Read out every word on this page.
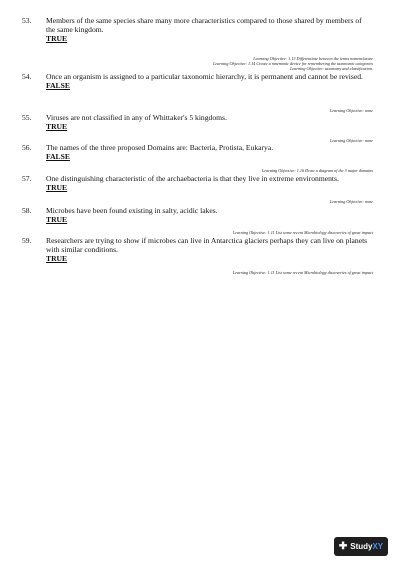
53.	Members of the same species share many more characteristics compared to those shared by members of the same kingdom.

TRUE

Learning Objective: 1.13 Differentiate between the terms nomenclature
Learning Objective: 1.14 Create a mnemonic device for remembering the taxonomic categories
Learning Objective: taxonomy and classification.
54.	Once an organism is assigned to a particular taxonomic hierarchy, it is permanent and cannot be revised.

FALSE

Learning Objective: none
55.	Viruses are not classified in any of Whittaker's 5 kingdoms.

TRUE

Learning Objective: none
56.	The names of the three proposed Domains are: Bacteria, Protista, Eukarya.

FALSE

Learning Objective: 1.16 Draw a diagram of the 3 major domains
57.	One distinguishing characteristic of the archaebacteria is that they live in extreme environments.

TRUE

Learning Objective: none
58.	Microbes have been found existing in salty, acidic lakes.

TRUE

Learning Objective: 1.11 List some recent Microbiology discoveries of great impact
59.	Researchers are trying to show if microbes can live in Antarctica glaciers perhaps they can live on planets with similar conditions.

TRUE

Learning Objective: 1.11 List some recent Microbiology discoveries of great impact
✚ StudyXY
